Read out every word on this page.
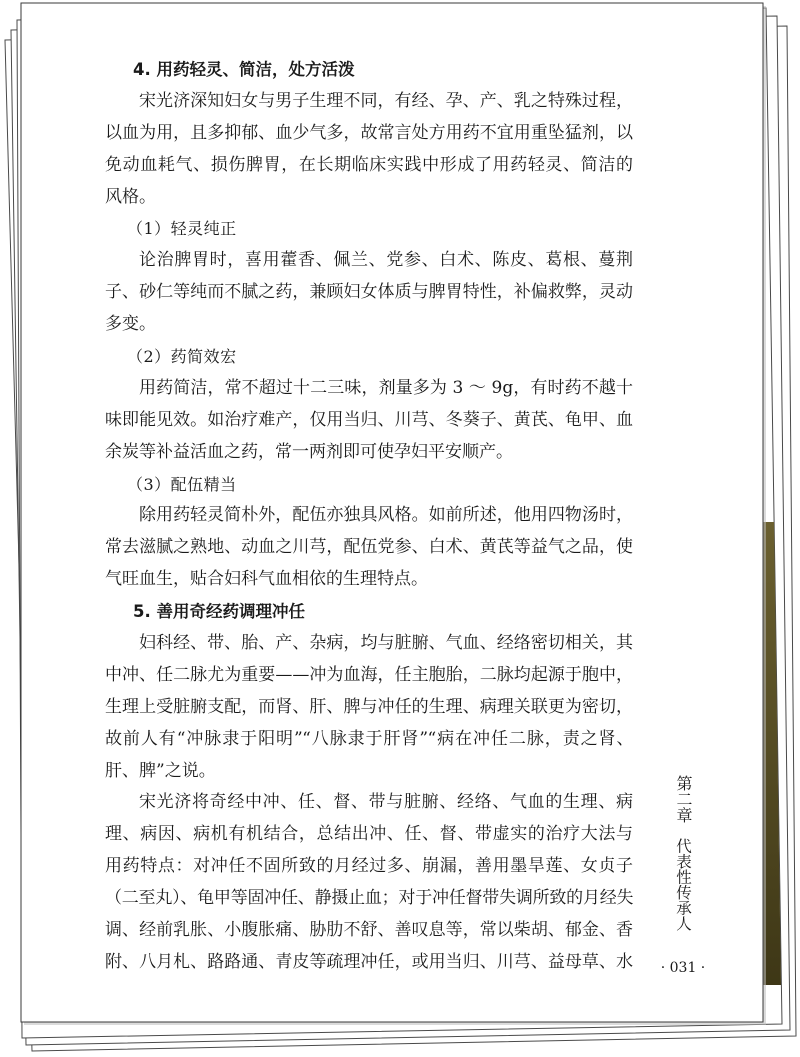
4. 用药轻灵、简洁，处方活泼
宋光济深知妇女与男子生理不同，有经、孕、产、乳之特殊过程，
以血为用，且多抑郁、血少气多，故常言处方用药不宜用重坠猛剂，以
免动血耗气、损伤脾胃，在长期临床实践中形成了用药轻灵、简洁的
风格。
（1）轻灵纯正
论治脾胃时，喜用藿香、佩兰、党参、白术、陈皮、葛根、蔓荆
子、砂仁等纯而不腻之药，兼顾妇女体质与脾胃特性，补偏救弊，灵动
多变。
（2）药简效宏
用药简洁，常不超过十二三味，剂量多为 3 ～ 9g，有时药不越十
味即能见效。如治疗难产，仅用当归、川芎、冬葵子、黄芪、龟甲、血
余炭等补益活血之药，常一两剂即可使孕妇平安顺产。
（3）配伍精当
除用药轻灵简朴外，配伍亦独具风格。如前所述，他用四物汤时，
常去滋腻之熟地、动血之川芎，配伍党参、白术、黄芪等益气之品，使
气旺血生，贴合妇科气血相依的生理特点。
5. 善用奇经药调理冲任
妇科经、带、胎、产、杂病，均与脏腑、气血、经络密切相关，其
中冲、任二脉尤为重要——冲为血海，任主胞胎，二脉均起源于胞中，
生理上受脏腑支配，而肾、肝、脾与冲任的生理、病理关联更为密切，
故前人有“冲脉隶于阳明”“八脉隶于肝肾”“病在冲任二脉，责之肾、
肝、脾”之说。
宋光济将奇经中冲、任、督、带与脏腑、经络、气血的生理、病
理、病因、病机有机结合，总结出冲、任、督、带虚实的治疗大法与
用药特点：对冲任不固所致的月经过多、崩漏，善用墨旱莲、女贞子
（二至丸）、龟甲等固冲任、静摄止血；对于冲任督带失调所致的月经失
调、经前乳胀、小腹胀痛、胁肋不舒、善叹息等，常以柴胡、郁金、香
附、八月札、路路通、青皮等疏理冲任，或用当归、川芎、益母草、水
第二章
代表性传承人
· 031 ·
